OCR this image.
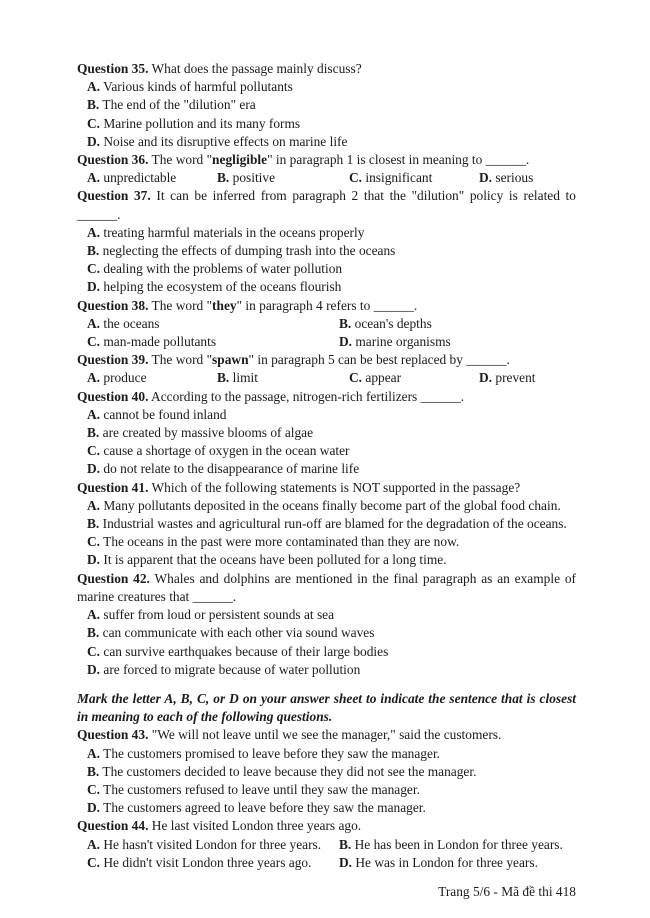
Question 35. What does the passage mainly discuss?

A. Various kinds of harmful pollutants
B. The end of the "dilution" era
C. Marine pollution and its many forms
D. Noise and its disruptive effects on marine life

Question 36. The word "negligible" in paragraph 1 is closest in meaning to ______.

A. unpredictable	B. positive	C. insignificant	D. serious

Question 37. It can be inferred from paragraph 2 that the "dilution" policy is related to ______.

A. treating harmful materials in the oceans properly
B. neglecting the effects of dumping trash into the oceans
C. dealing with the problems of water pollution
D. helping the ecosystem of the oceans flourish

Question 38. The word "they" in paragraph 4 refers to ______.

A. the oceans	B. ocean's depths
C. man-made pollutants	D. marine organisms

Question 39. The word "spawn" in paragraph 5 can be best replaced by ______.

A. produce	B. limit	C. appear	D. prevent

Question 40. According to the passage, nitrogen-rich fertilizers ______.

A. cannot be found inland
B. are created by massive blooms of algae
C. cause a shortage of oxygen in the ocean water
D. do not relate to the disappearance of marine life

Question 41. Which of the following statements is NOT supported in the passage?

A. Many pollutants deposited in the oceans finally become part of the global food chain.
B. Industrial wastes and agricultural run-off are blamed for the degradation of the oceans.
C. The oceans in the past were more contaminated than they are now.
D. It is apparent that the oceans have been polluted for a long time.

Question 42. Whales and dolphins are mentioned in the final paragraph as an example of marine creatures that ______.

A. suffer from loud or persistent sounds at sea
B. can communicate with each other via sound waves
C. can survive earthquakes because of their large bodies
D. are forced to migrate because of water pollution

Mark the letter A, B, C, or D on your answer sheet to indicate the sentence that is closest in meaning to each of the following questions.

Question 43. "We will not leave until we see the manager," said the customers.

A. The customers promised to leave before they saw the manager.
B. The customers decided to leave because they did not see the manager.
C. The customers refused to leave until they saw the manager.
D. The customers agreed to leave before they saw the manager.

Question 44. He last visited London three years ago.

A. He hasn't visited London for three years.	B. He has been in London for three years.
C. He didn't visit London three years ago.	D. He was in London for three years.
Trang 5/6 - Mã đề thi 418
